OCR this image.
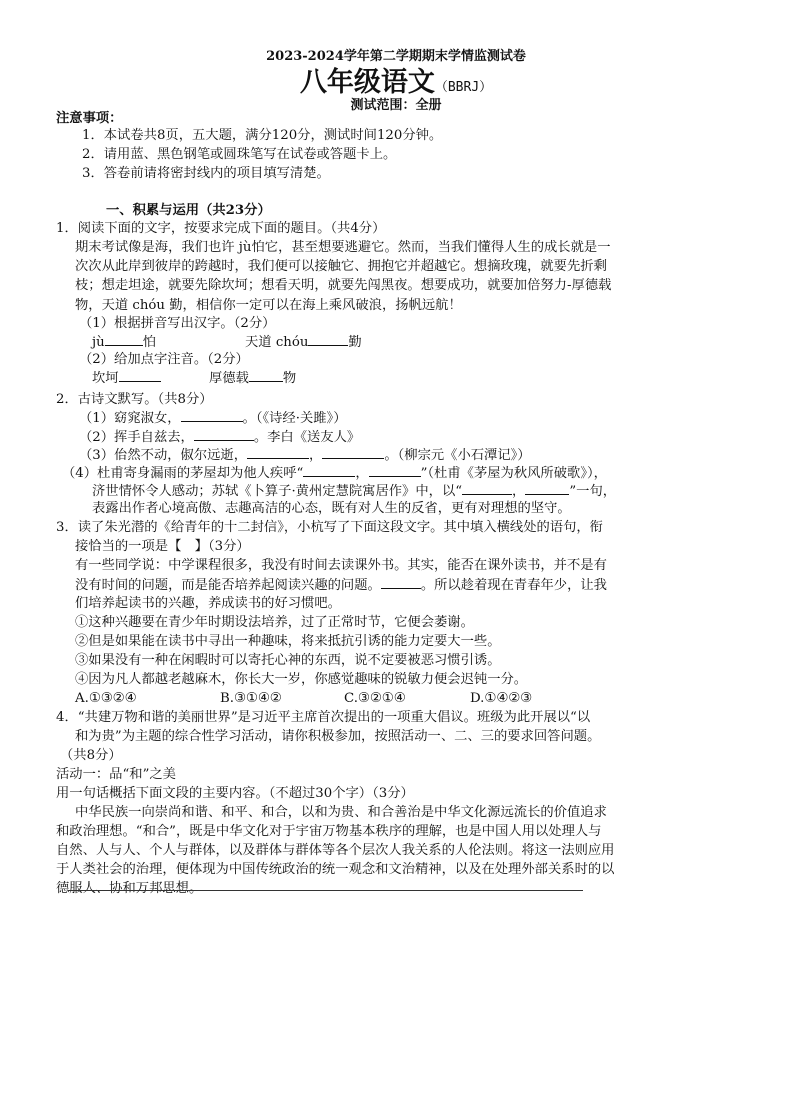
2023-2024学年第二学期期末学情监测试卷
八年级语文（BBRJ）
测试范围：全册
注意事项：
1．本试卷共8页，五大题，满分120分，测试时间120分钟。
2．请用蓝、黑色钢笔或圆珠笔写在试卷或答题卡上。
3．答卷前请将密封线内的项目填写清楚。
一、积累与运用（共23分）
1．阅读下面的文字，按要求完成下面的题目。（共4分）
期末考试像是海，我们也许 jù怕它，甚至想要逃避它。然而，当我们懂得人生的成长就是一
次次从此岸到彼岸的跨越时，我们便可以接触它、拥抱它并超越它。想摘玫瑰，就要先折剩
枝；想走坦途，就要先除坎坷；想看天明，就要先闯黑夜。想要成功，就要加倍努力-厚德载
物，天道 chóu 勤，相信你一定可以在海上乘风破浪，扬帆远航！
（1）根据拼音写出汉字。（2分）
jù	怕	天道 chóu	勤
（2）给加点字注音。（2分）
坎坷	厚德载	物
2．古诗文默写。（共8分）
（1）窈窕淑女，	。（《诗经·关雎》）
（2）挥手自兹去，	。李白《送友人》
（3）佁然不动，俶尔远逝，	，	。（柳宗元《小石潭记》）
（4）杜甫寄身漏雨的茅屋却为他人疾呼“	，	”（杜甫《茅屋为秋风所破歌》），
济世情怀令人感动；苏轼《卜算子·黄州定慧院寓居作》中，以“	，	”一句，
表露出作者心境高傲、志趣高洁的心态，既有对人生的反省，更有对理想的坚守。
3．读了朱光潜的《给青年的十二封信》，小杭写了下面这段文字。其中填入横线处的语句，衔
接恰当的一项是【　】（3分）
有一些同学说：中学课程很多，我没有时间去读课外书。其实，能否在课外读书，并不是有
没有时间的问题，而是能否培养起阅读兴趣的问题。	。所以趁着现在青春年少，让我
们培养起读书的兴趣，养成读书的好习惯吧。
①这种兴趣要在青少年时期设法培养，过了正常时节，它便会萎谢。
②但是如果能在读书中寻出一种趣味，将来抵抗引诱的能力定要大一些。
③如果没有一种在闲暇时可以寄托心神的东西，说不定要被恶习惯引诱。
④因为凡人都越老越麻木，你长大一岁，你感觉趣味的锐敏力便会迟钝一分。
A.①③②④	B.③①④②	C.③②①④	D.①④②③
4．“共建万物和谐的美丽世界”是习近平主席首次提出的一项重大倡议。班级为此开展以“以
和为贵”为主题的综合性学习活动，请你积极参加，按照活动一、二、三的要求回答问题。
（共8分）
活动一：品“和”之美
用一句话概括下面文段的主要内容。（不超过30个字）（3分）
中华民族一向崇尚和谐、和平、和合，以和为贵、和合善治是中华文化源远流长的价值追求
和政治理想。“和合”，既是中华文化对于宇宙万物基本秩序的理解，也是中国人用以处理人与
自然、人与人、个人与群体，以及群体与群体等各个层次人我关系的人伦法则。将这一法则应用
于人类社会的治理，便体现为中国传统政治的统一观念和文治精神，以及在处理外部关系时的以
德服人、协和万邦思想。
